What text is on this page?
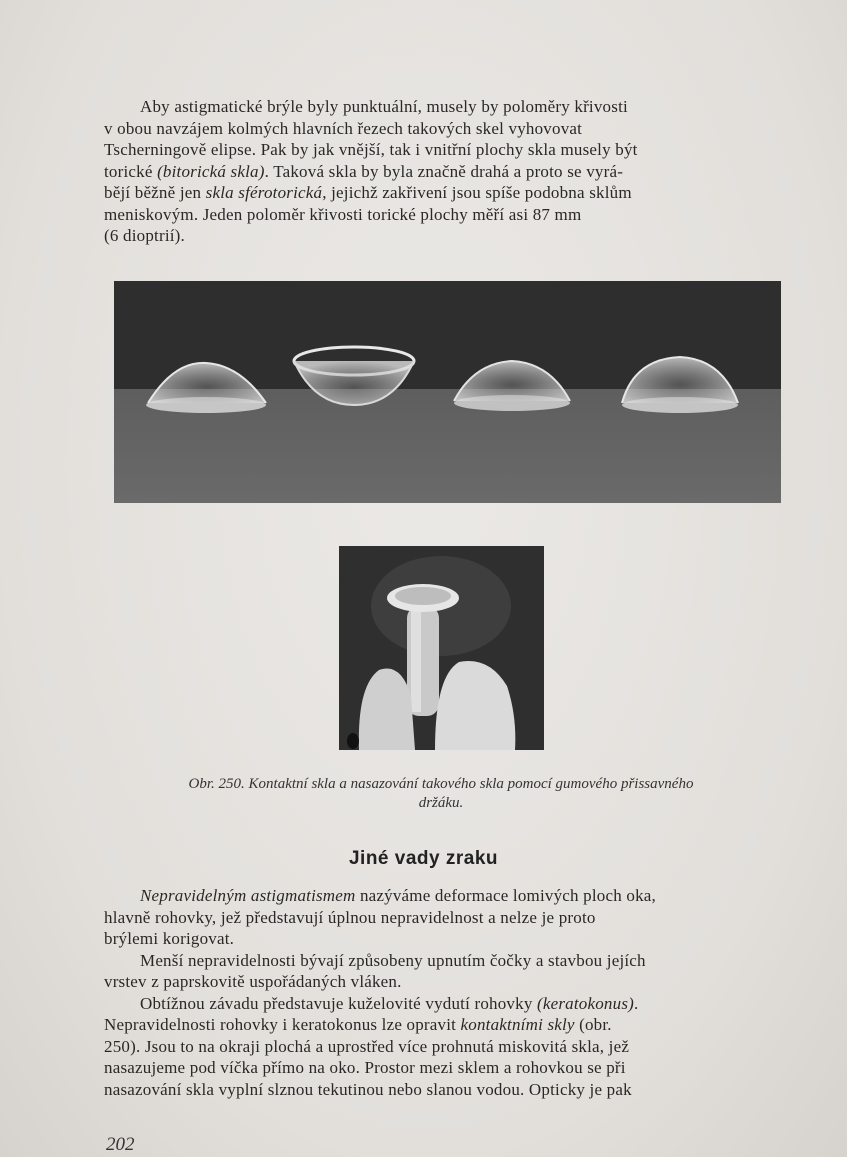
Aby astigmatické brýle byly punktuální, musely by poloměry křivosti
v obou navzájem kolmých hlavních řezech takových skel vyhovovat
Tscherningově elipse. Pak by jak vnější, tak i vnitřní plochy skla musely být
torické (bitorická skla). Taková skla by byla značně drahá a proto se vyrá-
bějí běžně jen skla sférotorická, jejichž zakřivení jsou spíše podobna sklům
meniskovým. Jeden poloměr křivosti torické plochy měří asi 87 mm
(6 dioptrií).
Obr. 250. Kontaktní skla a nasazování takového skla pomocí gumového přissavného
držáku.
Jiné vady zraku
Nepravidelným astigmatismem nazýváme deformace lomivých ploch oka,
hlavně rohovky, jež představují úplnou nepravidelnost a nelze je proto
brýlemi korigovat.
Menší nepravidelnosti bývají způsobeny upnutím čočky a stavbou jejích
vrstev z paprskovitě uspořádaných vláken.
Obtížnou závadu představuje kuželovité vydutí rohovky (keratokonus).
Nepravidelnosti rohovky i keratokonus lze opravit kontaktními skly (obr.
250). Jsou to na okraji plochá a uprostřed více prohnutá miskovitá skla, jež
nasazujeme pod víčka přímo na oko. Prostor mezi sklem a rohovkou se při
nasazování skla vyplní slznou tekutinou nebo slanou vodou. Opticky je pak
202
